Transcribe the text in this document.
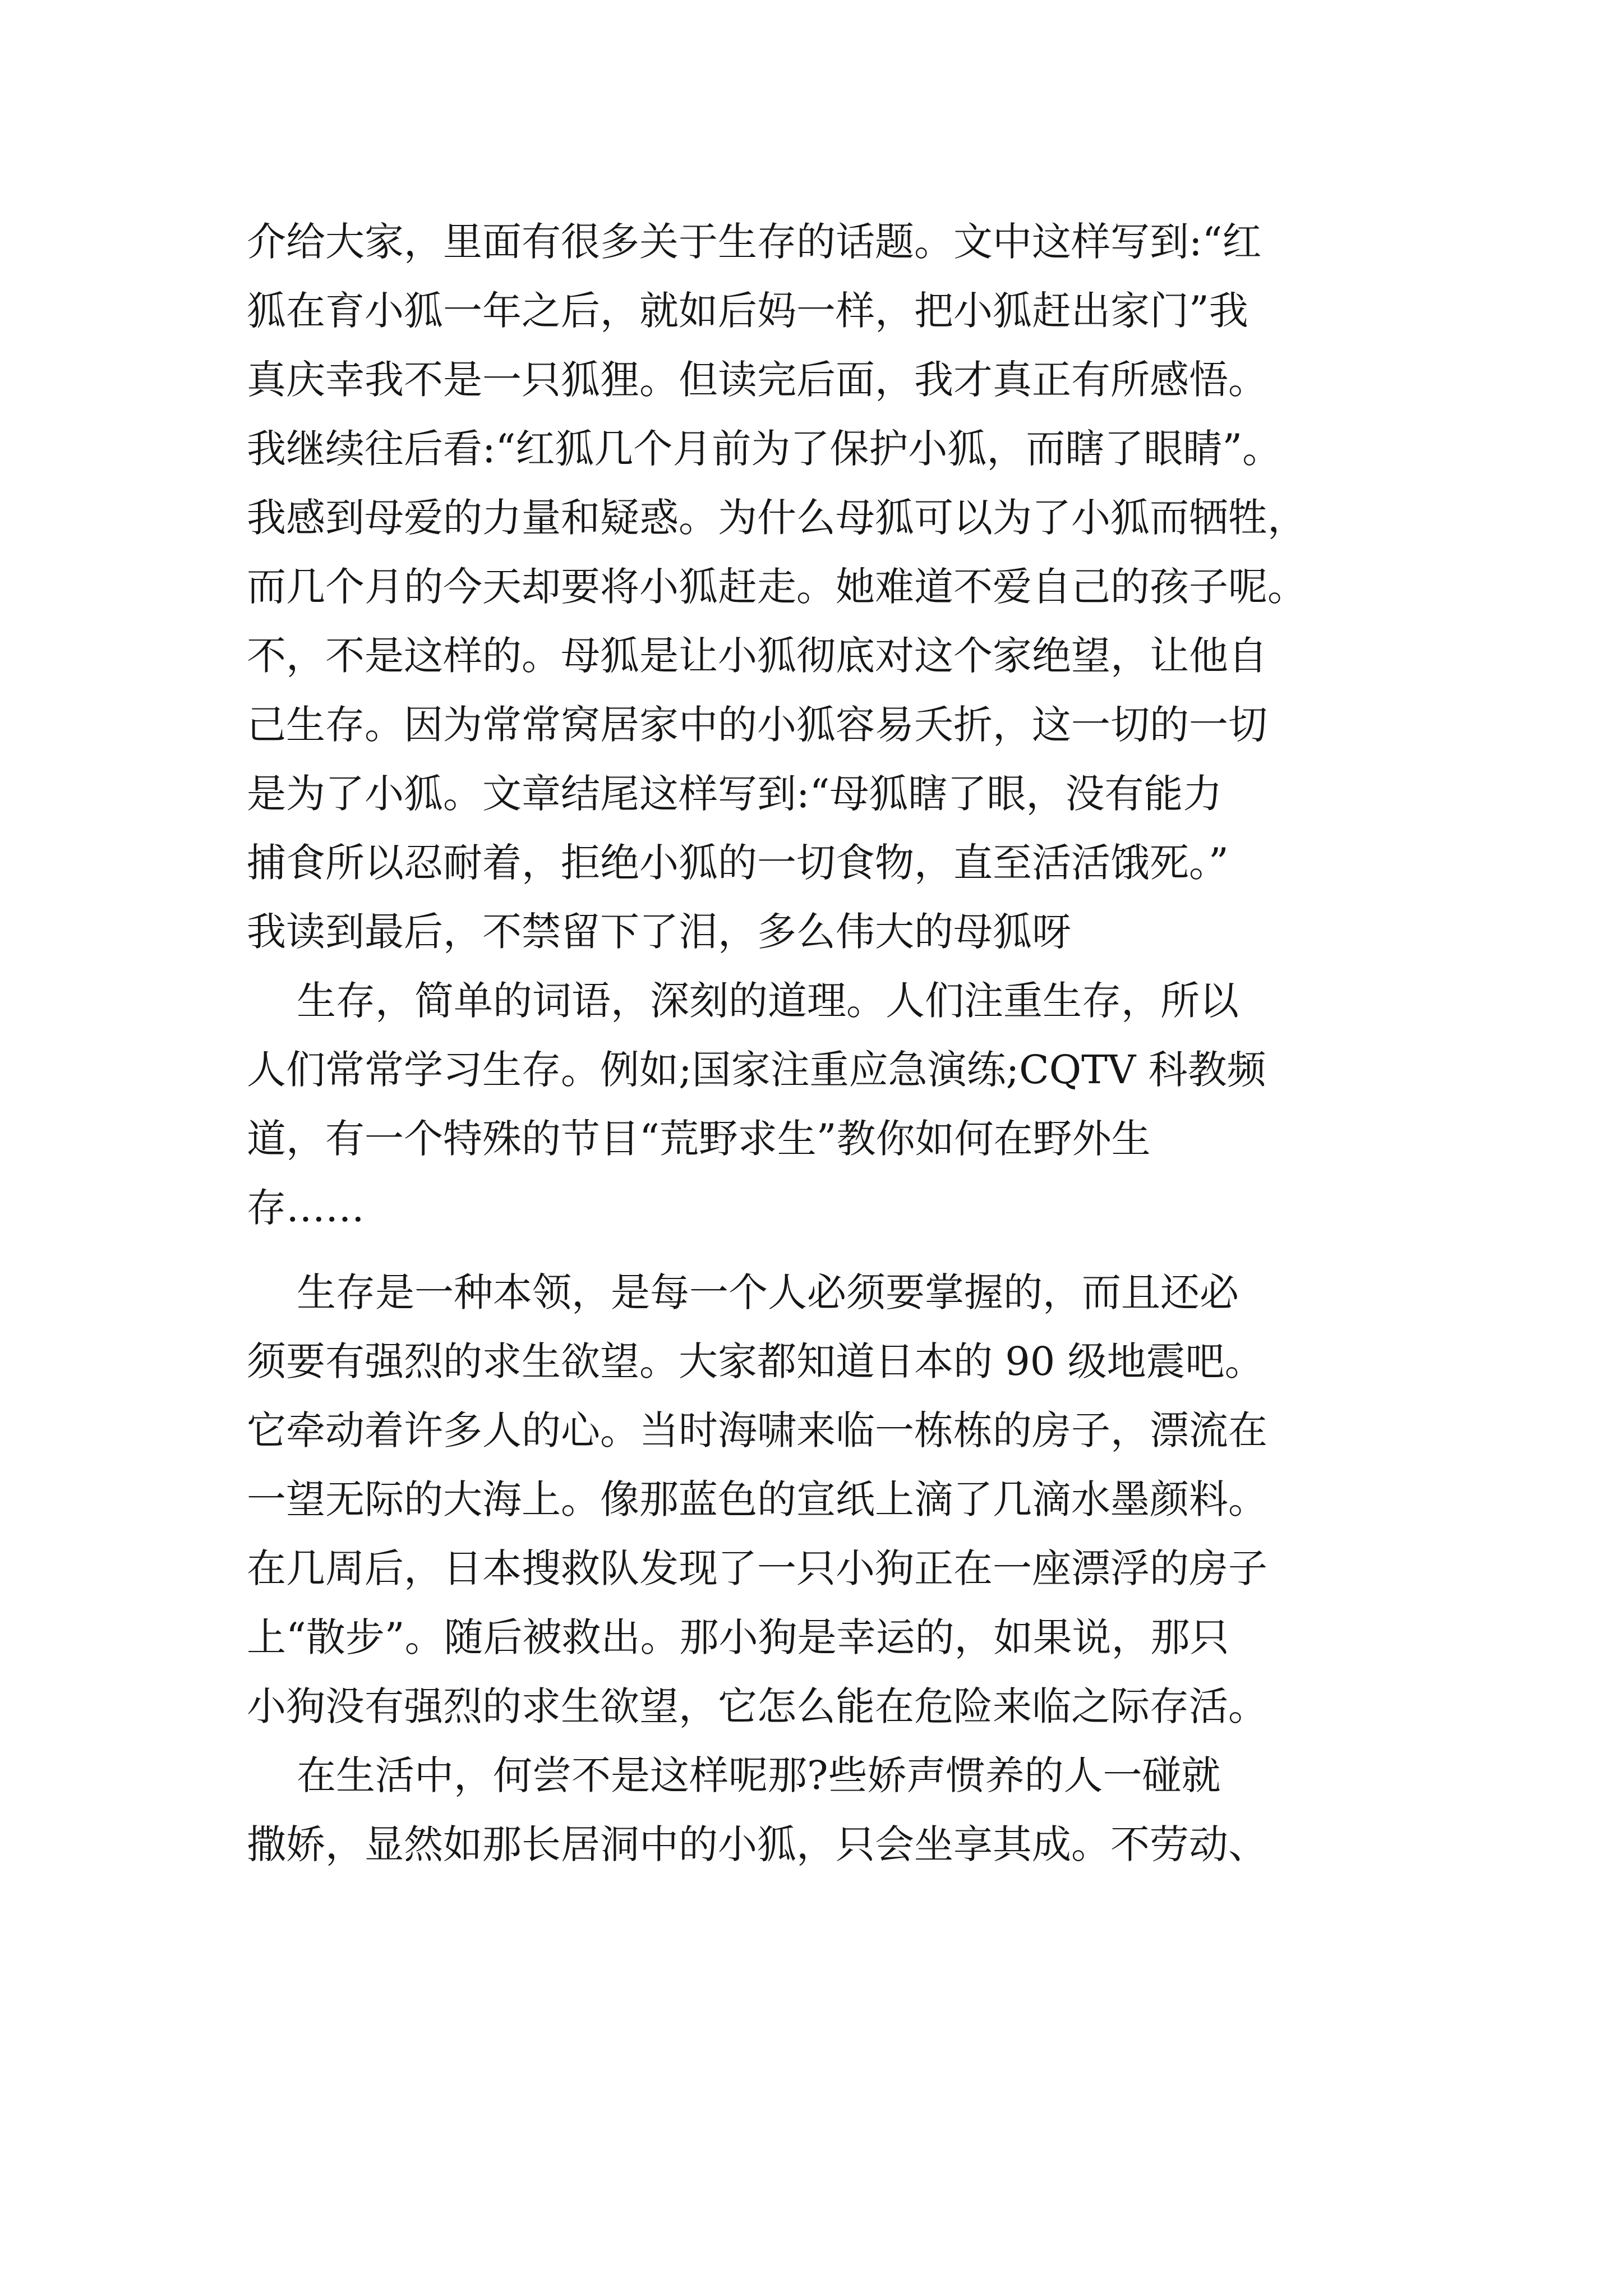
介给大家，里面有很多关于生存的话题。文中这样写到:“红
狐在育小狐一年之后，就如后妈一样，把小狐赶出家门”我
真庆幸我不是一只狐狸。但读完后面，我才真正有所感悟。
我继续往后看:“红狐几个月前为了保护小狐，而瞎了眼睛”。
我感到母爱的力量和疑惑。为什么母狐可以为了小狐而牺牲，
而几个月的今天却要将小狐赶走。她难道不爱自己的孩子呢。
不，不是这样的。母狐是让小狐彻底对这个家绝望，让他自
己生存。因为常常窝居家中的小狐容易夭折，这一切的一切
是为了小狐。文章结尾这样写到:“母狐瞎了眼，没有能力
捕食所以忍耐着，拒绝小狐的一切食物，直至活活饿死。”
我读到最后，不禁留下了泪，多么伟大的母狐呀
生存，简单的词语，深刻的道理。人们注重生存，所以
人们常常学习生存。例如;国家注重应急演练;CQTV 科教频
道，有一个特殊的节目“荒野求生”教你如何在野外生
存……
生存是一种本领，是每一个人必须要掌握的，而且还必
须要有强烈的求生欲望。大家都知道日本的 90 级地震吧。
它牵动着许多人的心。当时海啸来临一栋栋的房子，漂流在
一望无际的大海上。像那蓝色的宣纸上滴了几滴水墨颜料。
在几周后，日本搜救队发现了一只小狗正在一座漂浮的房子
上“散步”。随后被救出。那小狗是幸运的，如果说，那只
小狗没有强烈的求生欲望，它怎么能在危险来临之际存活。
在生活中，何尝不是这样呢那?些娇声惯养的人一碰就
撒娇，显然如那长居洞中的小狐，只会坐享其成。不劳动、
